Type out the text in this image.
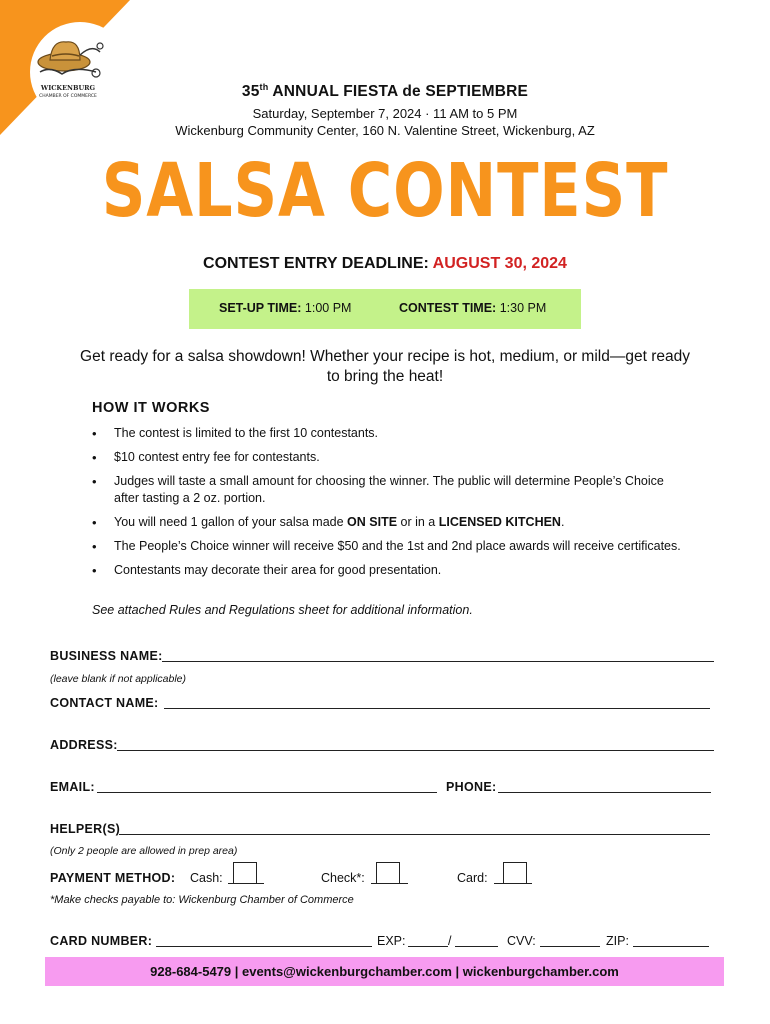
WICKENBURG
CHAMBER OF COMMERCE	35th ANNUAL FIESTA de SEPTIEMBRE
Saturday, September 7, 2024 · 11 AM to 5 PM
Wickenburg Community Center, 160 N. Valentine Street, Wickenburg, AZ
SALSA CONTEST
CONTEST ENTRY DEADLINE: AUGUST 30, 2024
SET-UP TIME: 1:00 PM	CONTEST TIME: 1:30 PM
Get ready for a salsa showdown! Whether your recipe is hot, medium, or mild—get ready to bring the heat!
HOW IT WORKS
• The contest is limited to the first 10 contestants.
• $10 contest entry fee for contestants.
• Judges will taste a small amount for choosing the winner. The public will determine People’s Choice after tasting a 2 oz. portion.
• You will need 1 gallon of your salsa made ON SITE or in a LICENSED KITCHEN.
• The People’s Choice winner will receive $50 and the 1st and 2nd place awards will receive certificates.
• Contestants may decorate their area for good presentation.
See attached Rules and Regulations sheet for additional information.
BUSINESS NAME:
(leave blank if not applicable)
CONTACT NAME:
ADDRESS:
EMAIL:	PHONE:
HELPER(S)
(Only 2 people are allowed in prep area)
PAYMENT METHOD: Cash:	Check*:	Card:
*Make checks payable to: Wickenburg Chamber of Commerce
CARD NUMBER:	EXP:	/	CVV:	ZIP:
928-684-5479 | events@wickenburgchamber.com | wickenburgchamber.com
